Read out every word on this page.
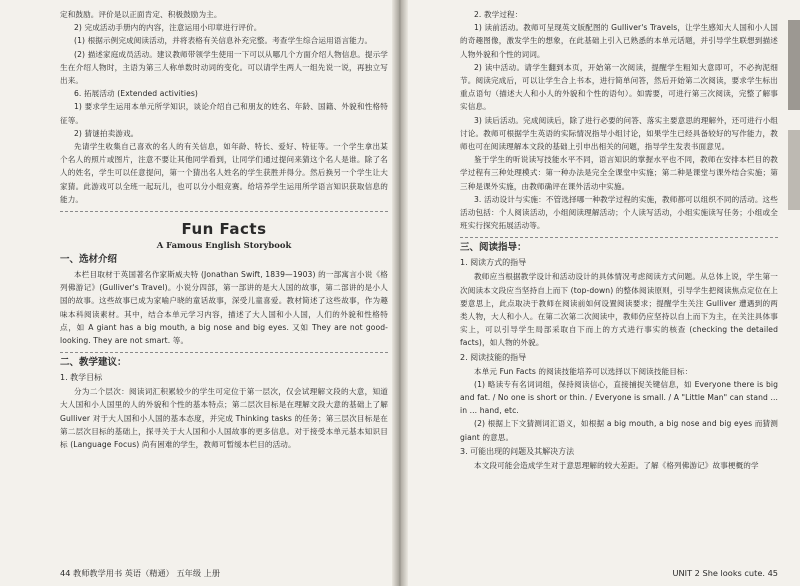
定和鼓励。评价是以正面肯定、积极鼓励为主。

2) 完成活动手册内的内容，注意运用小印章进行评价。

(1) 根据示例完成阅读活动，并将表格有关信息补充完整。考查学生综合运用语言能力。

(2) 描述家庭成员活动。建议教师带领学生使用一下可以从哪几个方面介绍人物信息。提示学生在介绍人物时，主语为第三人称单数时动词的变化。可以请学生两人一组先说一说，再独立写出来。

6. 拓展活动 (Extended activities)

1) 要求学生运用本单元所学知识，谈论介绍自己和朋友的姓名、年龄、国籍、外貌和性格特征等。

2) 猜谜拍卖游戏。

先请学生收集自己喜欢的名人的有关信息，如年龄、特长、爱好、特征等。一个学生拿出某个名人的照片或图片，注意不要让其他同学看到，让同学们通过提问来猜这个名人是谁。除了名人的姓名，学生可以任意提问，第一个猜出名人姓名的学生获胜并得分。然后换另一个学生让大家猜。此游戏可以全班一起玩儿，也可以分小组竞赛。给培养学生运用所学语言知识获取信息的能力。

Fun Facts
A Famous English Storybook
一、选材介绍

本栏目取材于英国著名作家斯威夫特 (Jonathan Swift, 1839—1903) 的一部寓言小说《格列佛游记》(Gulliver's Travel)。小说分四部，第一部讲的是大人国的故事，第二部讲的是小人国的故事。这些故事已成为家喻户晓的童话故事，深受儿童喜爱。教材简述了这些故事，作为趣味本科阅读素材。其中，结合本单元学习内容，描述了大人国和小人国，人们的外貌和性格特点，如 A giant has a big mouth, a big nose and big eyes. 又如 They are not good-looking. They are not smart. 等。

二、教学建议：
1. 教学目标

分为二个层次：阅读词汇积累较少的学生可定位于第一层次，仅会试理解文段的大意，知道大人国和小人国里的人的外貌和个性的基本特点；第二层次目标是在理解文段大意的基础上了解 Gulliver 对于大人国和小人国的基本态度，并完成 Thinking tasks 的任务；第三层次目标是在第二层次目标的基础上，探寻关于大人国和小人国故事的更多信息。对于接受本单元基本知识目标 (Language Focus) 尚有困难的学生，教师可暂缓本栏目的活动。

44 教师教学用书 英语（精通） 五年级 上册

2. 教学过程：

1) 读前活动。教师可呈现英文版配图的 Gulliver's Travels，让学生感知大人国和小人国的奇趣图像，激发学生的想象，在此基础上引入已熟悉的本单元话题，并引导学生联想到描述人物外貌和个性的词词。

2) 读中活动。请学生翻到本页，开始第一次阅读，提醒学生粗知大意即可，不必拘泥细节。阅读完成后，可以让学生合上书本，进行简单问答，然后开始第二次阅读，要求学生标出重点语句（描述大人和小人的外貌和个性的语句）。如需要，可进行第三次阅读，完整了解事实信息。

3) 读后活动。完成阅读后，除了进行必要的问答、落实主要意思的理解外，还可进行小组讨论。教师可根据学生英语的实际情况指导小组讨论，如果学生已经具备较好的写作能力，教师也可在阅读理解本文段的基础上引申出相关的问题，指导学生发表书面意见。

鉴于学生的听说读写技能水平不同，语言知识的掌握水平也不同，教师在安排本栏目的教学过程有三种处理模式：第一种办法是完全全课堂中实施；第二种是课堂与课外结合实施；第三种是课外实施，由教师确评在课外活动中实施。

3. 活动设计与实施：不管选择哪一种教学过程的实施，教师都可以组织不同的活动。这些活动包括：个人阅读活动，小组阅读理解活动；个人读写活动，小组实施读写任务；小组或全班实行探究拓展活动等。

三、阅读指导：
1. 阅读方式的指导

教师应当根据教学设计和活动设计的具体情况考虑阅读方式问题。从总体上说，学生第一次阅读本文段应当坚持自上而下 (top-down) 的整体阅读原则，引导学生把阅读焦点定位在上要意思上，此点取决于教师在阅读前如何设置阅读要求；提醒学生关注 Gulliver 遭遇到的两类人物，大人和小人。在第二次第二次阅读中，教师仍应坚持以自上而下为主，在关注具体事实上，可以引导学生局部采取自下而上的方式进行事实的核查 (checking the detailed facts)，如人物的外貌。

2. 阅读技能的指导

本单元 Fun Facts 的阅读技能培养可以选择以下阅读技能目标：

(1) 略读专有名词词组，保持阅读信心，直接捕捉关键信息，如 Everyone there is big and fat. / No one is short or thin. / Everyone is small. / A "Little Man" can stand ... in ... hand, etc.

(2) 根据上下文猜测词汇语义，如根据 a big mouth, a big nose and big eyes 而猜测 giant 的意思。

3. 可能出现的问题及其解决方法

本文段可能会造成学生对于意思理解的较大差距。了解《格列佛游记》故事梗概的学

UNIT 2 She looks cute. 45
